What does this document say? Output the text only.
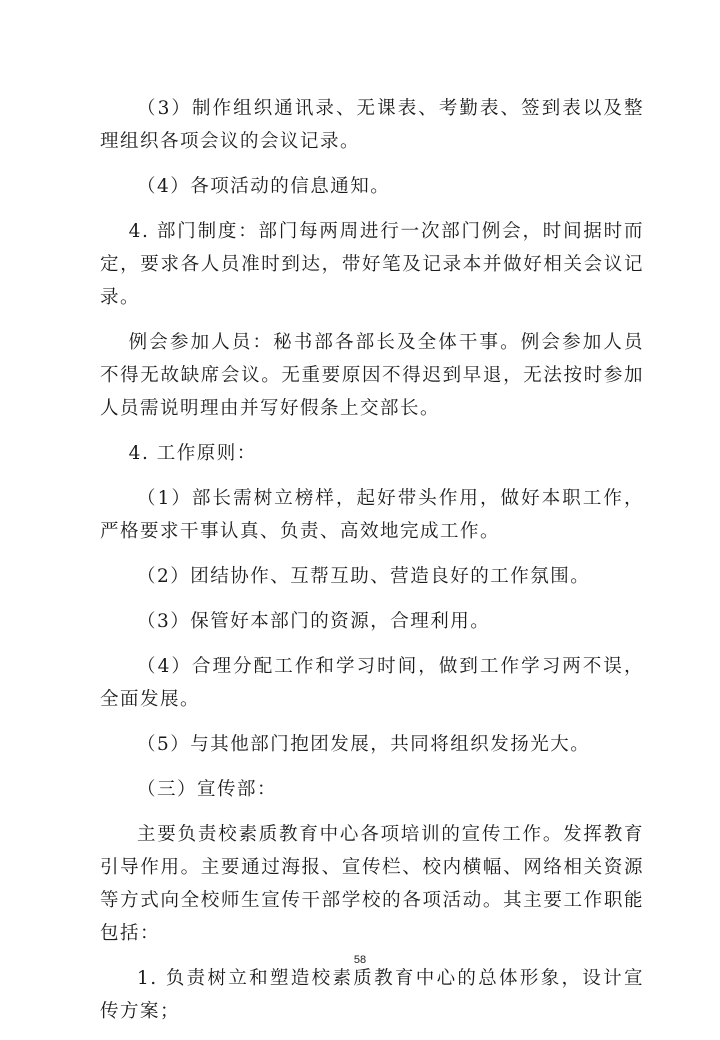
（3）制作组织通讯录、无课表、考勤表、签到表以及整理组织各项会议的会议记录。

（4）各项活动的信息通知。

4. 部门制度：部门每两周进行一次部门例会，时间据时而定，要求各人员准时到达，带好笔及记录本并做好相关会议记录。

例会参加人员：秘书部各部长及全体干事。例会参加人员不得无故缺席会议。无重要原因不得迟到早退，无法按时参加人员需说明理由并写好假条上交部长。

4. 工作原则：

（1）部长需树立榜样，起好带头作用，做好本职工作，严格要求干事认真、负责、高效地完成工作。

（2）团结协作、互帮互助、营造良好的工作氛围。

（3）保管好本部门的资源，合理利用。

（4）合理分配工作和学习时间，做到工作学习两不误，全面发展。

（5）与其他部门抱团发展，共同将组织发扬光大。

（三）宣传部：

主要负责校素质教育中心各项培训的宣传工作。发挥教育引导作用。主要通过海报、宣传栏、校内横幅、网络相关资源等方式向全校师生宣传干部学校的各项活动。其主要工作职能包括：

1. 负责树立和塑造校素质教育中心的总体形象，设计宣传方案；

58
